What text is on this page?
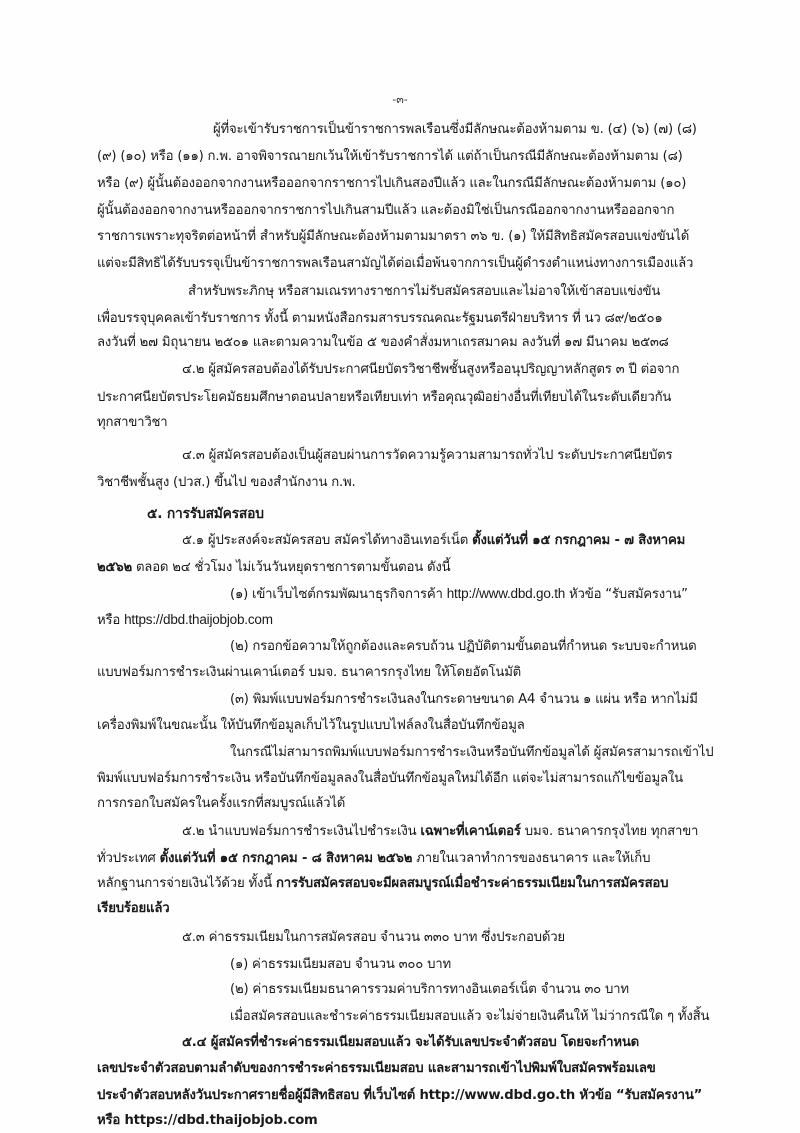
-๓-
ผู้ที่จะเข้ารับราชการเป็นข้าราชการพลเรือนซึ่งมีลักษณะต้องห้ามตาม ข. (๔) (๖) (๗) (๘)
(๙) (๑๐) หรือ (๑๑) ก.พ. อาจพิจารณายกเว้นให้เข้ารับราชการได้ แต่ถ้าเป็นกรณีมีลักษณะต้องห้ามตาม (๘)
หรือ (๙) ผู้นั้นต้องออกจากงานหรือออกจากราชการไปเกินสองปีแล้ว และในกรณีมีลักษณะต้องห้ามตาม (๑๐)
ผู้นั้นต้องออกจากงานหรือออกจากราชการไปเกินสามปีแล้ว และต้องมิใช่เป็นกรณีออกจากงานหรือออกจาก
ราชการเพราะทุจริตต่อหน้าที่ สำหรับผู้มีลักษณะต้องห้ามตามมาตรา ๓๖ ข. (๑) ให้มีสิทธิสมัครสอบแข่งขันได้
แต่จะมีสิทธิได้รับบรรจุเป็นข้าราชการพลเรือนสามัญได้ต่อเมื่อพ้นจากการเป็นผู้ดำรงตำแหน่งทางการเมืองแล้ว
สำหรับพระภิกษุ หรือสามเณรทางราชการไม่รับสมัครสอบและไม่อาจให้เข้าสอบแข่งขัน
เพื่อบรรจุบุคคลเข้ารับราชการ ทั้งนี้ ตามหนังสือกรมสารบรรณคณะรัฐมนตรีฝ่ายบริหาร ที่ นว ๘๙/๒๕๐๑
ลงวันที่ ๒๗ มิถุนายน ๒๕๐๑ และตามความในข้อ ๕ ของคำสั่งมหาเถรสมาคม ลงวันที่ ๑๗ มีนาคม ๒๕๓๘
๔.๒ ผู้สมัครสอบต้องได้รับประกาศนียบัตรวิชาชีพชั้นสูงหรืออนุปริญญาหลักสูตร ๓ ปี ต่อจาก
ประกาศนียบัตรประโยคมัธยมศึกษาตอนปลายหรือเทียบเท่า หรือคุณวุฒิอย่างอื่นที่เทียบได้ในระดับเดียวกัน
ทุกสาขาวิชา
๔.๓ ผู้สมัครสอบต้องเป็นผู้สอบผ่านการวัดความรู้ความสามารถทั่วไป ระดับประกาศนียบัตร
วิชาชีพชั้นสูง (ปวส.) ขึ้นไป ของสำนักงาน ก.พ.
๕. การรับสมัครสอบ
๕.๑ ผู้ประสงค์จะสมัครสอบ สมัครได้ทางอินเทอร์เน็ต ตั้งแต่วันที่ ๑๕ กรกฎาคม - ๗ สิงหาคม
๒๕๖๒ ตลอด ๒๔ ชั่วโมง ไม่เว้นวันหยุดราชการตามขั้นตอน ดังนี้
(๑) เข้าเว็บไซต์กรมพัฒนาธุรกิจการค้า http://www.dbd.go.th หัวข้อ “รับสมัครงาน”
หรือ https://dbd.thaijobjob.com
(๒) กรอกข้อความให้ถูกต้องและครบถ้วน ปฏิบัติตามขั้นตอนที่กำหนด ระบบจะกำหนด
แบบฟอร์มการชำระเงินผ่านเคาน์เตอร์ บมจ. ธนาคารกรุงไทย ให้โดยอัตโนมัติ
(๓) พิมพ์แบบฟอร์มการชำระเงินลงในกระดาษขนาด A4 จำนวน ๑ แผ่น หรือ หากไม่มี
เครื่องพิมพ์ในขณะนั้น ให้บันทึกข้อมูลเก็บไว้ในรูปแบบไฟล์ลงในสื่อบันทึกข้อมูล
ในกรณีไม่สามารถพิมพ์แบบฟอร์มการชำระเงินหรือบันทึกข้อมูลได้ ผู้สมัครสามารถเข้าไป
พิมพ์แบบฟอร์มการชำระเงิน หรือบันทึกข้อมูลลงในสื่อบันทึกข้อมูลใหม่ได้อีก แต่จะไม่สามารถแก้ไขข้อมูลใน
การกรอกใบสมัครในครั้งแรกที่สมบูรณ์แล้วได้
๕.๒ นำแบบฟอร์มการชำระเงินไปชำระเงิน เฉพาะที่เคาน์เตอร์ บมจ. ธนาคารกรุงไทย ทุกสาขา
ทั่วประเทศ ตั้งแต่วันที่ ๑๕ กรกฎาคม - ๘ สิงหาคม ๒๕๖๒ ภายในเวลาทำการของธนาคาร และให้เก็บ
หลักฐานการจ่ายเงินไว้ด้วย ทั้งนี้ การรับสมัครสอบจะมีผลสมบูรณ์เมื่อชำระค่าธรรมเนียมในการสมัครสอบ
เรียบร้อยแล้ว
๕.๓ ค่าธรรมเนียมในการสมัครสอบ จำนวน ๓๓๐ บาท ซึ่งประกอบด้วย
(๑) ค่าธรรมเนียมสอบ จำนวน ๓๐๐ บาท
(๒) ค่าธรรมเนียมธนาคารรวมค่าบริการทางอินเตอร์เน็ต จำนวน ๓๐ บาท
เมื่อสมัครสอบและชำระค่าธรรมเนียมสอบแล้ว จะไม่จ่ายเงินคืนให้ ไม่ว่ากรณีใด ๆ ทั้งสิ้น
๕.๔ ผู้สมัครที่ชำระค่าธรรมเนียมสอบแล้ว จะได้รับเลขประจำตัวสอบ โดยจะกำหนด
เลขประจำตัวสอบตามลำดับของการชำระค่าธรรมเนียมสอบ และสามารถเข้าไปพิมพ์ใบสมัครพร้อมเลข
ประจำตัวสอบหลังวันประกาศรายชื่อผู้มีสิทธิสอบ ที่เว็บไซต์ http://www.dbd.go.th หัวข้อ “รับสมัครงาน”
หรือ https://dbd.thaijobjob.com
